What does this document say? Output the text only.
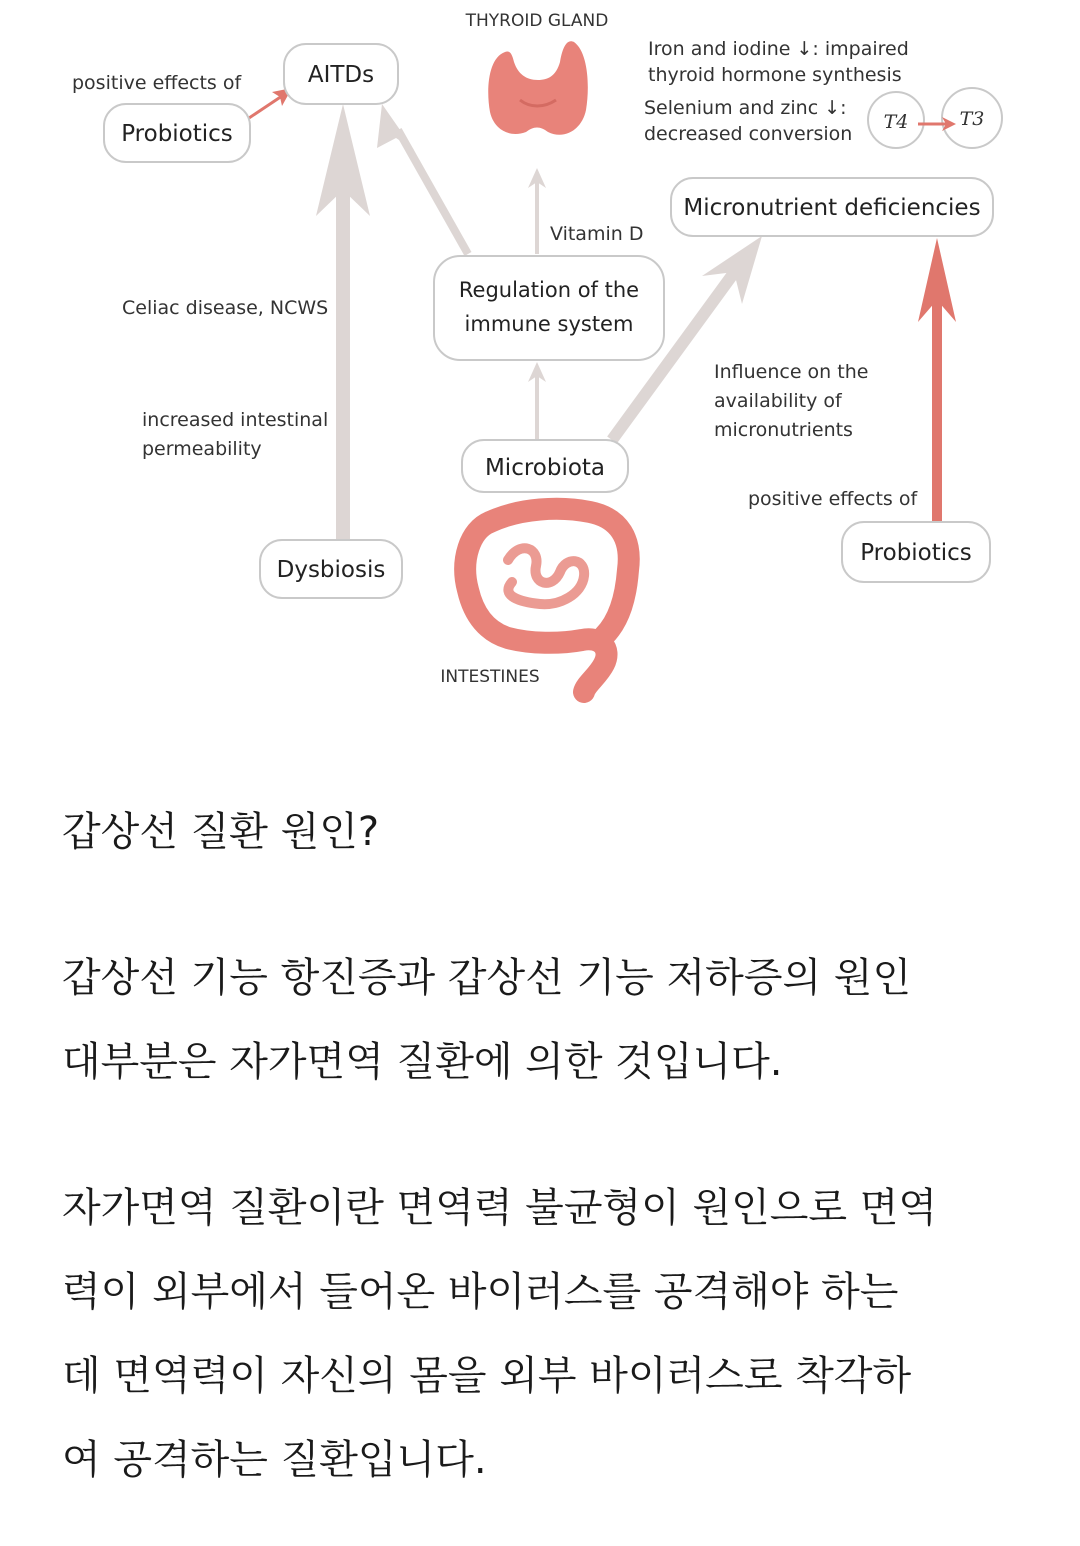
THYROID GLAND
INTESTINES
AITDs
Probiotics
Micronutrient deficiencies
Regulation of the
immune system
Microbiota
Dysbiosis
Probiotics
T4	T3
positive effects of
positive effects of
Iron and iodine ↓: impaired
thyroid hormone synthesis
Selenium and zinc ↓:
decreased conversion
Vitamin D
Celiac disease, NCWS
increased intestinal
permeability
Influence on the
availability of
micronutrients

갑상선 질환 원인?

갑상선 기능 항진증과 갑상선 기능 저하증의 원인

대부분은 자가면역 질환에 의한 것입니다.

자가면역 질환이란 면역력 불균형이 원인으로 면역

력이 외부에서 들어온 바이러스를 공격해야 하는

데 면역력이 자신의 몸을 외부 바이러스로 착각하

여 공격하는 질환입니다.
